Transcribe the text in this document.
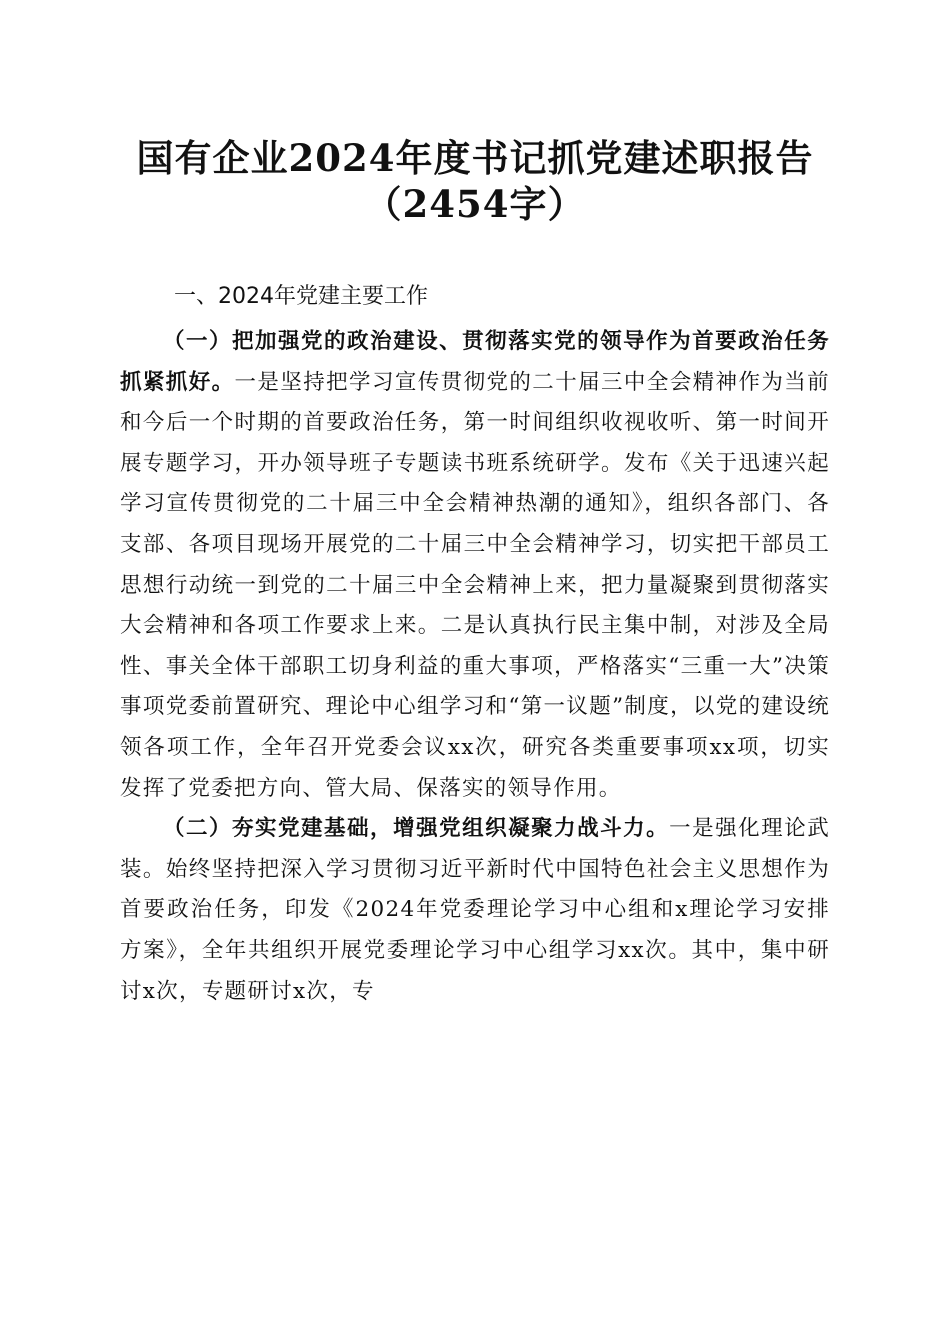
国有企业2024年度书记抓党建述职报告
（2454字）
一、2024年党建主要工作

（一）把加强党的政治建设、贯彻落实党的领导作为首要政治任务抓紧抓好。一是坚持把学习宣传贯彻党的二十届三中全会精神作为当前和今后一个时期的首要政治任务，第一时间组织收视收听、第一时间开展专题学习，开办领导班子专题读书班系统研学。发布《关于迅速兴起学习宣传贯彻党的二十届三中全会精神热潮的通知》，组织各部门、各支部、各项目现场开展党的二十届三中全会精神学习，切实把干部员工思想行动统一到党的二十届三中全会精神上来，把力量凝聚到贯彻落实大会精神和各项工作要求上来。二是认真执行民主集中制，对涉及全局性、事关全体干部职工切身利益的重大事项，严格落实“三重一大”决策事项党委前置研究、理论中心组学习和“第一议题”制度，以党的建设统领各项工作，全年召开党委会议xx次，研究各类重要事项xx项，切实发挥了党委把方向、管大局、保落实的领导作用。

（二）夯实党建基础，增强党组织凝聚力战斗力。一是强化理论武装。始终坚持把深入学习贯彻习近平新时代中国特色社会主义思想作为首要政治任务，印发《2024年党委理论学习中心组和x理论学习安排方案》，全年共组织开展党委理论学习中心组学习xx次。其中，集中研讨x次，专题研讨x次，专
